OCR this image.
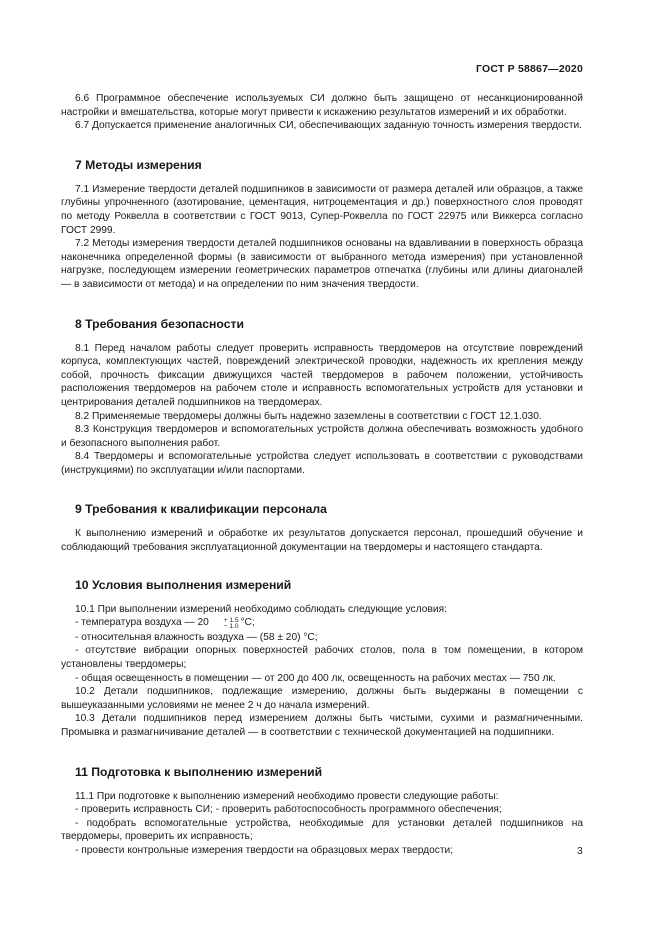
ГОСТ Р 58867—2020

6.6 Программное обеспечение используемых СИ должно быть защищено от несанкционированной настройки и вмешательства, которые могут привести к искажению результатов измерений и их обработки.

6.7 Допускается применение аналогичных СИ, обеспечивающих заданную точность измерения твердости.

7 Методы измерения

7.1 Измерение твердости деталей подшипников в зависимости от размера деталей или образцов, а также глубины упрочненного (азотирование, цементация, нитроцементация и др.) поверхностного слоя проводят по методу Роквелла в соответствии с ГОСТ 9013, Супер-Роквелла по ГОСТ 22975 или Виккерса согласно ГОСТ 2999.

7.2 Методы измерения твердости деталей подшипников основаны на вдавливании в поверхность образца наконечника определенной формы (в зависимости от выбранного метода измерения) при установленной нагрузке, последующем измерении геометрических параметров отпечатка (глубины или длины диагоналей — в зависимости от метода) и на определении по ним значения твердости.

8 Требования безопасности

8.1 Перед началом работы следует проверить исправность твердомеров на отсутствие повреждений корпуса, комплектующих частей, повреждений электрической проводки, надежность их крепления между собой, прочность фиксации движущихся частей твердомеров в рабочем положении, устойчивость расположения твердомеров на рабочем столе и исправность вспомогательных устройств для установки и центрирования деталей подшипников на твердомерах.

8.2 Применяемые твердомеры должны быть надежно заземлены в соответствии с ГОСТ 12.1.030.

8.3 Конструкция твердомеров и вспомогательных устройств должна обеспечивать возможность удобного и безопасного выполнения работ.

8.4 Твердомеры и вспомогательные устройства следует использовать в соответствии с руководствами (инструкциями) по эксплуатации и/или паспортами.

9 Требования к квалификации персонала

К выполнению измерений и обработке их результатов допускается персонал, прошедший обучение и соблюдающий требования эксплуатационной документации на твердомеры и настоящего стандарта.

10 Условия выполнения измерений

10.1 При выполнении измерений необходимо соблюдать следующие условия:

- температура воздуха — 20	+ 1.5
− 1.0 °С;

- относительная влажность воздуха — (58 ± 20) °С;

- отсутствие вибрации опорных поверхностей рабочих столов, пола в том помещении, в котором установлены твердомеры;

- общая освещенность в помещении — от 200 до 400 лк, освещенность на рабочих местах — 750 лк.

10.2 Детали подшипников, подлежащие измерению, должны быть выдержаны в помещении с вышеуказанными условиями не менее 2 ч до начала измерений.

10.3 Детали подшипников перед измерением должны быть чистыми, сухими и размагниченными. Промывка и размагничивание деталей — в соответствии с технической документацией на подшипники.

11 Подготовка к выполнению измерений

11.1 При подготовке к выполнению измерений необходимо провести следующие работы:

- проверить исправность СИ; - проверить работоспособность программного обеспечения;

- подобрать вспомогательные устройства, необходимые для установки деталей подшипников на твердомеры, проверить их исправность;

- провести контрольные измерения твердости на образцовых мерах твердости;	3
